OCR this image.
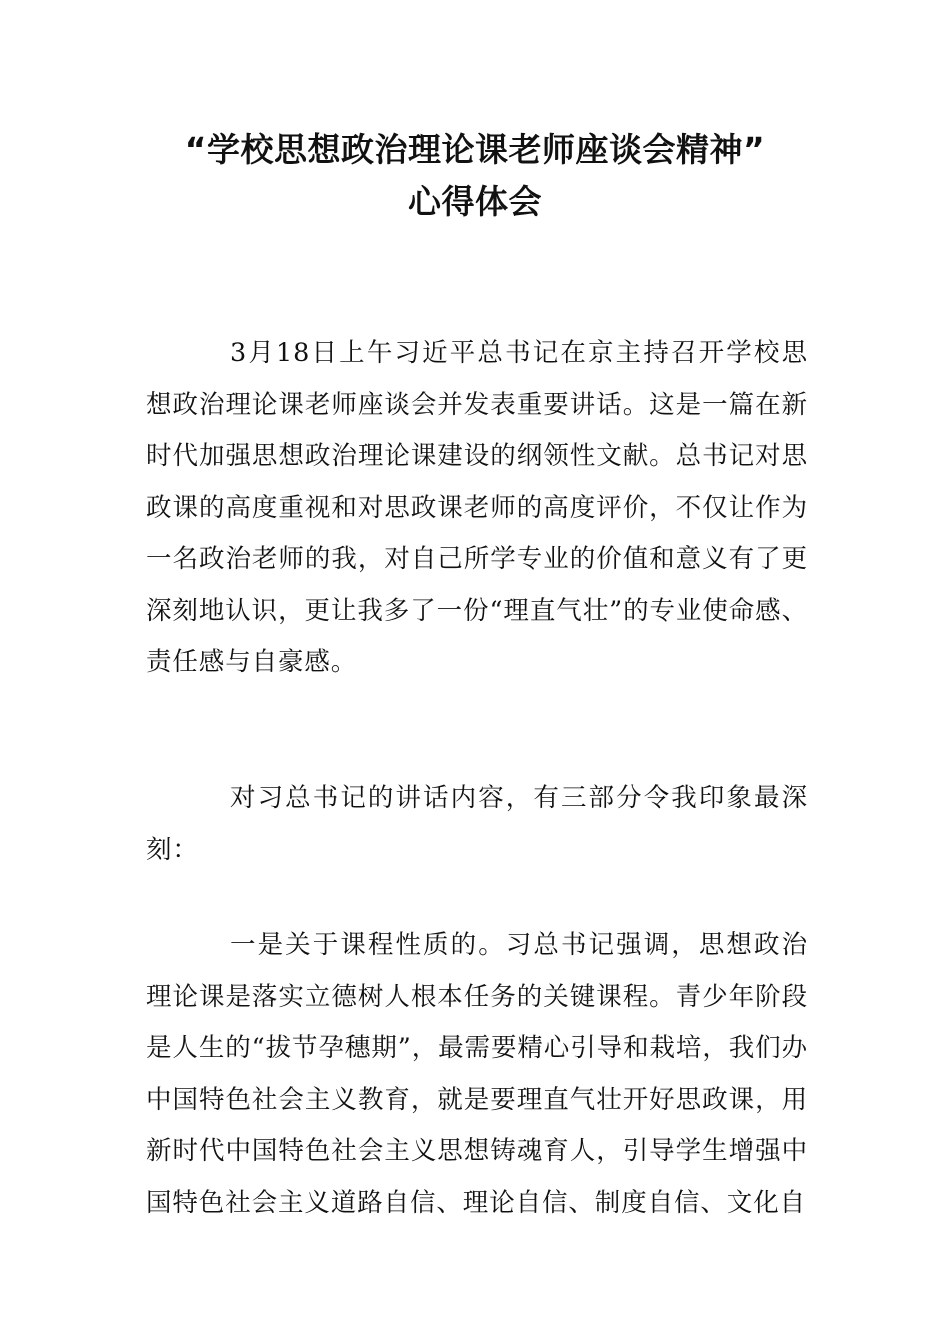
“学校思想政治理论课老师座谈会精神”
心得体会

3月18日上午习近平总书记在京主持召开学校思想政治理论课老师座谈会并发表重要讲话。这是一篇在新时代加强思想政治理论课建设的纲领性文献。总书记对思政课的高度重视和对思政课老师的高度评价，不仅让作为一名政治老师的我，对自己所学专业的价值和意义有了更深刻地认识，更让我多了一份“理直气壮”的专业使命感、责任感与自豪感。

对习总书记的讲话内容，有三部分令我印象最深刻：

一是关于课程性质的。习总书记强调，思想政治理论课是落实立德树人根本任务的关键课程。青少年阶段是人生的“拔节孕穗期”，最需要精心引导和栽培，我们办中国特色社会主义教育，就是要理直气壮开好思政课，用新时代中国特色社会主义思想铸魂育人，引导学生增强中国特色社会主义道路自信、理论自信、制度自信、文化自
